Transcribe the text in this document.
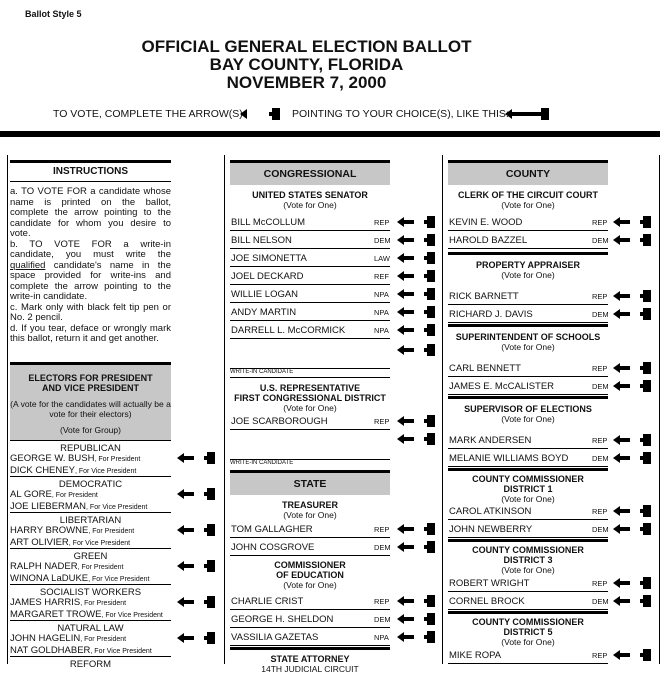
Ballot Style 5
OFFICIAL GENERAL ELECTION BALLOT
BAY COUNTY, FLORIDA
NOVEMBER 7, 2000
TO VOTE, COMPLETE THE ARROW(S)	POINTING TO YOUR CHOICE(S), LIKE THIS:
INSTRUCTIONS
a. TO VOTE FOR a candidate whose name is printed on the ballot, complete the arrow pointing to the candidate for whom you desire to vote.
b. TO VOTE FOR a write-in candidate, you must write the qualified candidate's name in the space provided for write-ins and complete the arrow pointing to the write-in candidate.
c. Mark only with black felt tip pen or No. 2 pencil.
d. If you tear, deface or wrongly mark this ballot, return it and get another.
ELECTORS FOR PRESIDENT
AND VICE PRESIDENT
(A vote for the candidates will actually be a vote for their electors)
(Vote for Group)
REPUBLICAN
GEORGE W. BUSH, For President
DICK CHENEY, For Vice President
DEMOCRATIC
AL GORE, For President
JOE LIEBERMAN, For Vice President
LIBERTARIAN
HARRY BROWNE, For President
ART OLIVIER, For Vice President
GREEN
RALPH NADER, For President
WINONA LaDUKE, For Vice President
SOCIALIST WORKERS
JAMES HARRIS, For President
MARGARET TROWE, For Vice President
NATURAL LAW
JOHN HAGELIN, For President
NAT GOLDHABER, For Vice President
REFORM
CONGRESSIONAL
UNITED STATES SENATOR
(Vote for One)
BILL McCOLLUM	REP
BILL NELSON	DEM
JOE SIMONETTA	LAW
JOEL DECKARD	REF
WILLIE LOGAN	NPA
ANDY MARTIN	NPA
DARRELL L. McCORMICK	NPA
WRITE-IN CANDIDATE
U.S. REPRESENTATIVE
FIRST CONGRESSIONAL DISTRICT
(Vote for One)
JOE SCARBOROUGH	REP
WRITE-IN CANDIDATE
STATE
TREASURER
(Vote for One)
TOM GALLAGHER	REP
JOHN COSGROVE	DEM
COMMISSIONER
OF EDUCATION
(Vote for One)
CHARLIE CRIST	REP
GEORGE H. SHELDON	DEM
VASSILIA GAZETAS	NPA
STATE ATTORNEY
14TH JUDICIAL CIRCUIT
COUNTY
CLERK OF THE CIRCUIT COURT
(Vote for One)
KEVIN E. WOOD	REP
HAROLD BAZZEL	DEM
PROPERTY APPRAISER
(Vote for One)
RICK BARNETT	REP
RICHARD J. DAVIS	DEM
SUPERINTENDENT OF SCHOOLS
(Vote for One)
CARL BENNETT	REP
JAMES E. McCALISTER	DEM
SUPERVISOR OF ELECTIONS
(Vote for One)
MARK ANDERSEN	REP
MELANIE WILLIAMS BOYD	DEM
COUNTY COMMISSIONER
DISTRICT 1
(Vote for One)
CAROL ATKINSON	REP
JOHN NEWBERRY	DEM
COUNTY COMMISSIONER
DISTRICT 3
(Vote for One)
ROBERT WRIGHT	REP
CORNEL BROCK	DEM
COUNTY COMMISSIONER
DISTRICT 5
(Vote for One)
MIKE ROPA	REP
